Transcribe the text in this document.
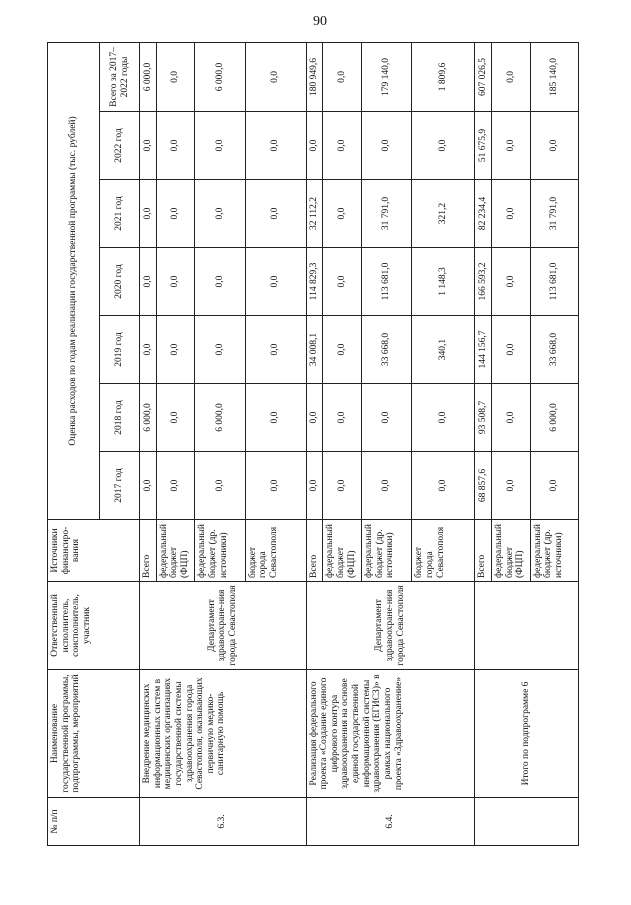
90
№ п/п	Наименование государственной программы, подпрограммы, мероприятий	Ответственный исполнитель, соисполнитель, участник	Источники финансиро-вания	Оценка расходов по годам реализации государственной программы (тыс. рублей)						
				2017 год	2018 год	2019 год	2020 год	2021 год	2022 год	Всего за 2017–2022 годы
6.3.	Внедрение медицинских информационных систем в медицинских организациях государственной системы здравоохранения города Севастополя, оказывающих первичную медико-санитарную помощь	Департамент здравоохране-ния города Севастополя	Всего	0,0	6 000,0	0,0	0,0	0,0	0,0	6 000,0
			федеральный бюджет (ФЦП)	0,0	0,0	0,0	0,0	0,0	0,0	0,0
			федеральный бюджет (др. источники)	0,0	6 000,0	0,0	0,0	0,0	0,0	6 000,0
			бюджет города Севастополя	0,0	0,0	0,0	0,0	0,0	0,0	0,0
6.4.	Реализация федерального проекта «Создание единого цифрового контура здравоохранения на основе единой государственной информационной системы здравоохранения (ЕГИСЗ)» в рамках национального проекта «Здравоохранение»	Департамент здравоохране-ния города Севастополя	Всего	0,0	0,0	34 008,1	114 829,3	32 112,2	0,0	180 949,6
			федеральный бюджет (ФЦП)	0,0	0,0	0,0	0,0	0,0	0,0	0,0
			федеральный бюджет (др. источники)	0,0	0,0	33 668,0	113 681,0	31 791,0	0,0	179 140,0
			бюджет города Севастополя	0,0	0,0	340,1	1 148,3	321,2	0,0	1 809,6
	Итого по подпрограмме 6		Всего	68 857,6	93 508,7	144 156,7	166 593,2	82 234,4	51 675,9	607 026,5
			федеральный бюджет (ФЦП)	0,0	0,0	0,0	0,0	0,0	0,0	0,0
			федеральный бюджет (др. источники)	0,0	6 000,0	33 668,0	113 681,0	31 791,0	0,0	185 140,0
